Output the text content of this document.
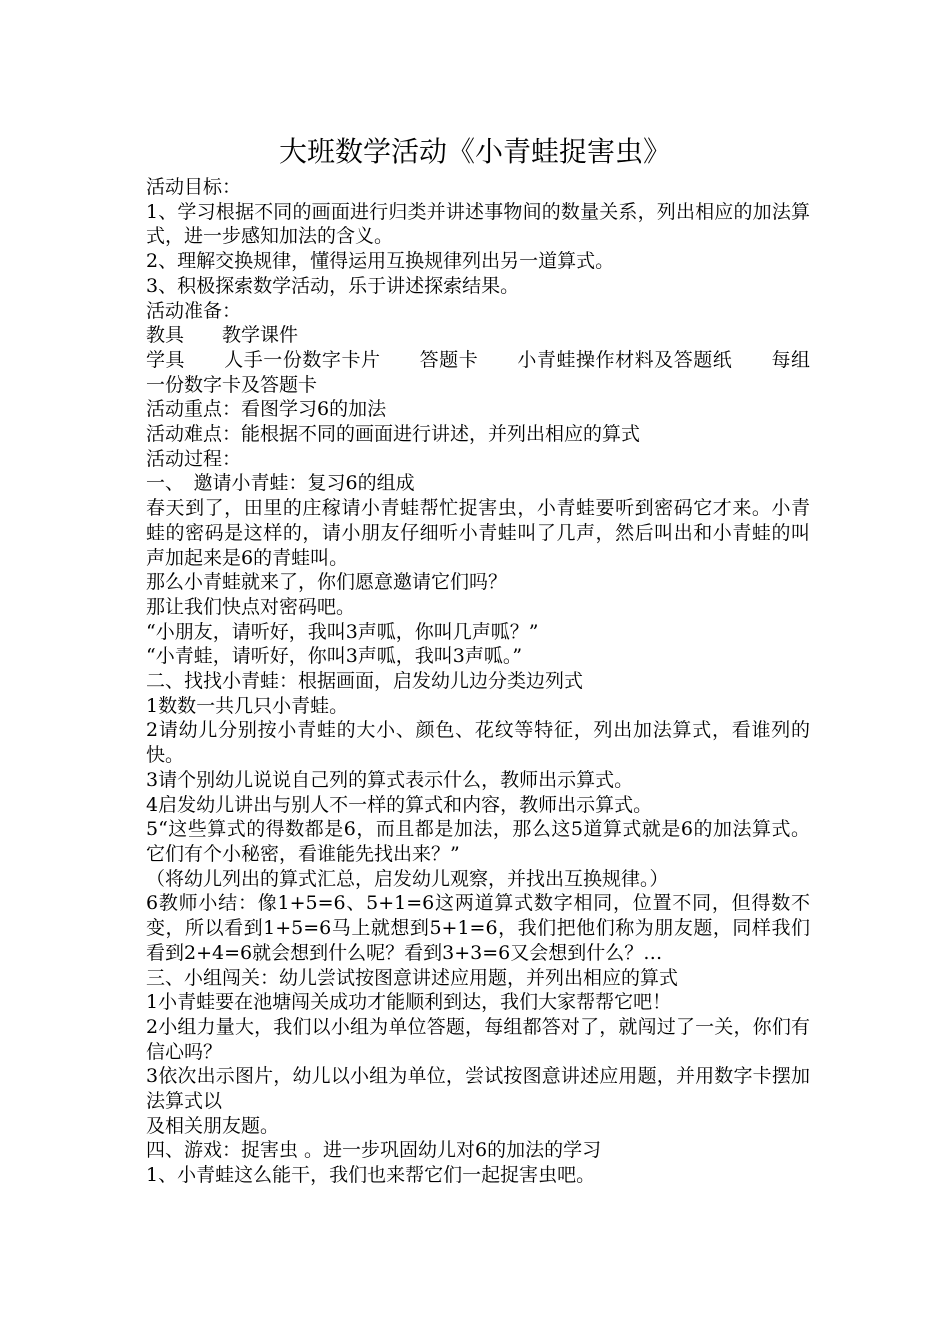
大班数学活动《小青蛙捉害虫》

活动目标：

1、学习根据不同的画面进行归类并讲述事物间的数量关系，列出相应的加法算式，进一步感知加法的含义。

2、理解交换规律，懂得运用互换规律列出另一道算式。

3、积极探索数学活动，乐于讲述探索结果。

活动准备：

教具　　教学课件

学具　　人手一份数字卡片　　答题卡　　小青蛙操作材料及答题纸　　每组一份数字卡及答题卡

活动重点：看图学习6的加法

活动难点：能根据不同的画面进行讲述，并列出相应的算式

活动过程：

一、　邀请小青蛙：复习6的组成

春天到了，田里的庄稼请小青蛙帮忙捉害虫，小青蛙要听到密码它才来。小青蛙的密码是这样的，请小朋友仔细听小青蛙叫了几声，然后叫出和小青蛙的叫声加起来是6的青蛙叫。

那么小青蛙就来了，你们愿意邀请它们吗？

那让我们快点对密码吧。

“小朋友，请听好，我叫3声呱，你叫几声呱？”

“小青蛙，请听好，你叫3声呱，我叫3声呱。”

二、找找小青蛙：根据画面，启发幼儿边分类边列式

1数数一共几只小青蛙。

2请幼儿分别按小青蛙的大小、颜色、花纹等特征，列出加法算式，看谁列的快。

3请个别幼儿说说自己列的算式表示什么，教师出示算式。

4启发幼儿讲出与别人不一样的算式和内容，教师出示算式。

5“这些算式的得数都是6，而且都是加法，那么这5道算式就是6的加法算式。它们有个小秘密，看谁能先找出来？”

（将幼儿列出的算式汇总，启发幼儿观察，并找出互换规律。）

6教师小结：像1+5=6、5+1=6这两道算式数字相同，位置不同，但得数不变，所以看到1+5=6马上就想到5+1=6，我们把他们称为朋友题，同样我们看到2+4=6就会想到什么呢？看到3+3=6又会想到什么？…

三、小组闯关：幼儿尝试按图意讲述应用题，并列出相应的算式

1小青蛙要在池塘闯关成功才能顺利到达，我们大家帮帮它吧！

2小组力量大，我们以小组为单位答题，每组都答对了，就闯过了一关，你们有信心吗？

3依次出示图片，幼儿以小组为单位，尝试按图意讲述应用题，并用数字卡摆加法算式以

及相关朋友题。

四、游戏：捉害虫 。进一步巩固幼儿对6的加法的学习

1、小青蛙这么能干，我们也来帮它们一起捉害虫吧。
